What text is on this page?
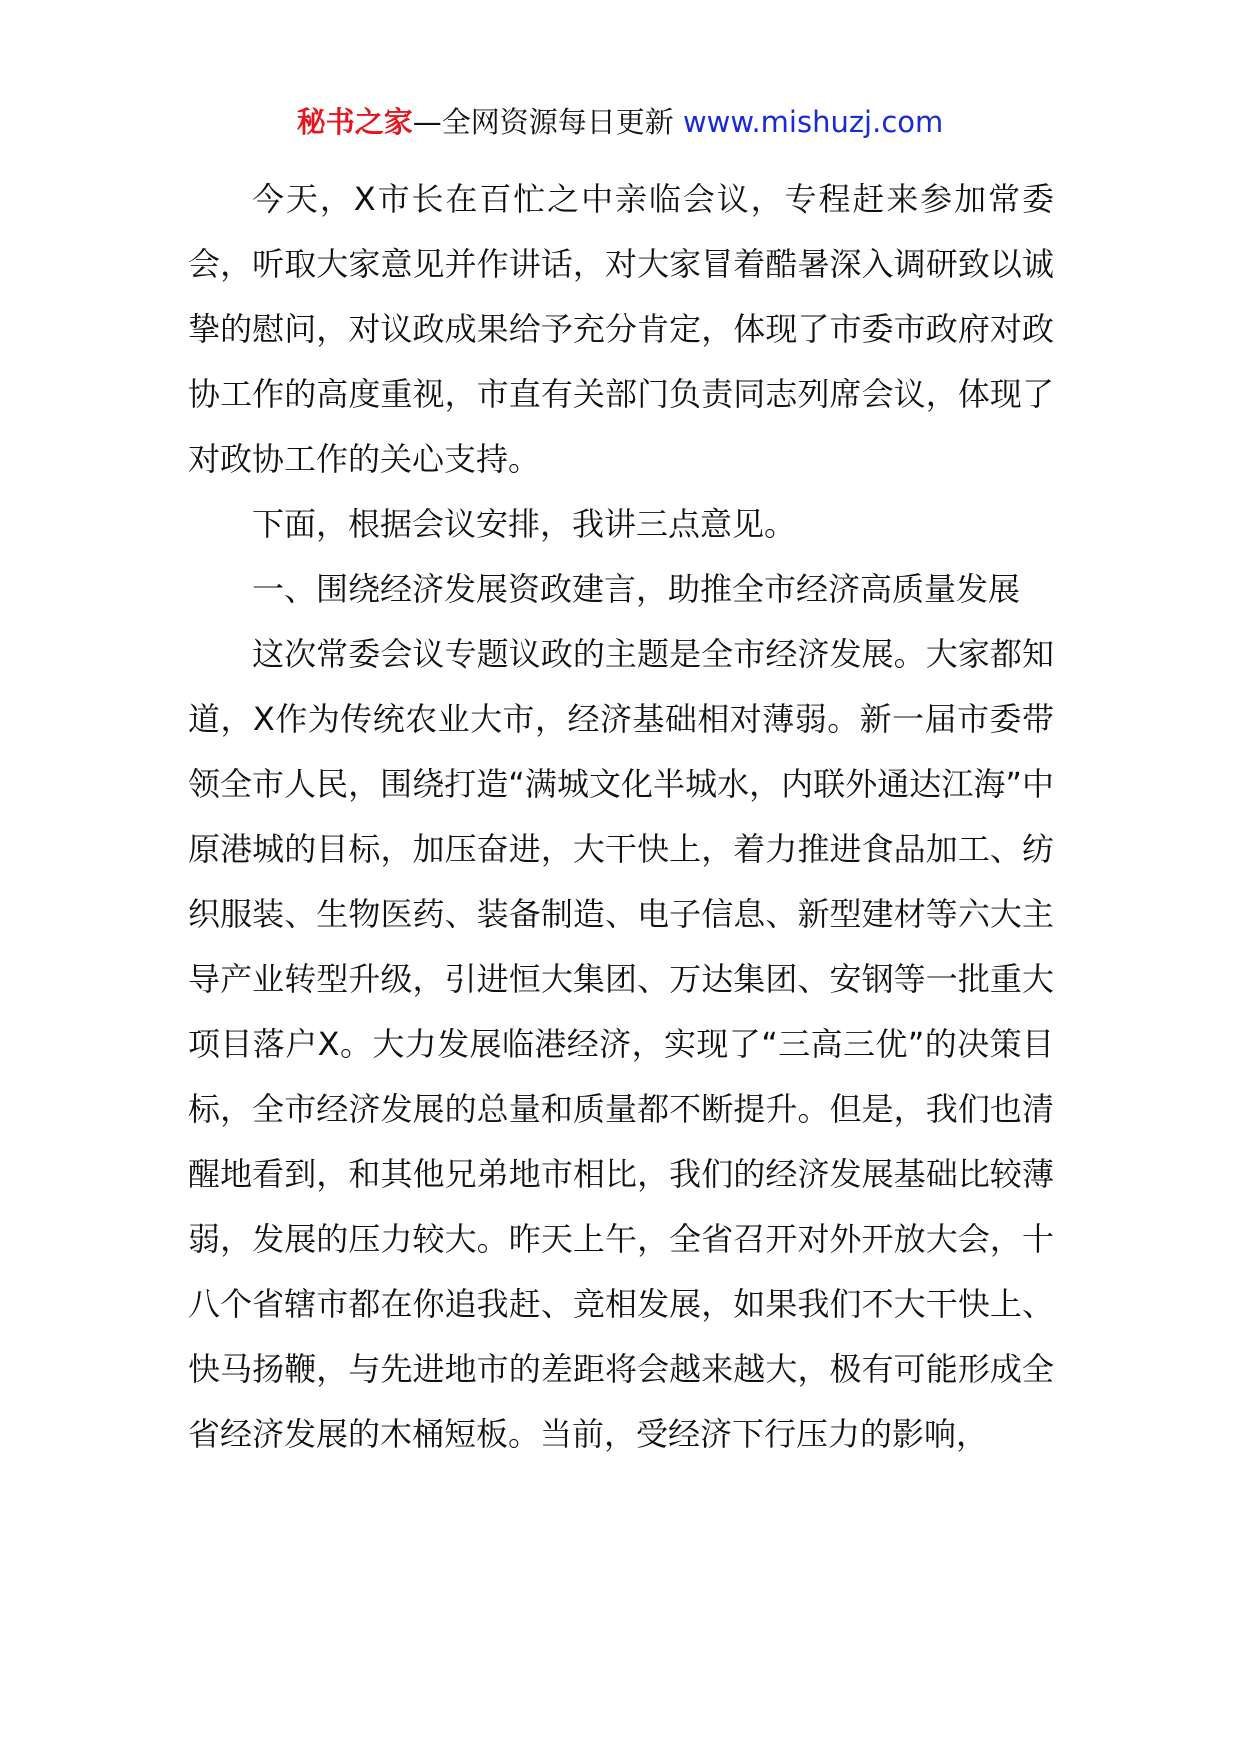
秘书之家—全网资源每日更新 www.mishuzj.com

今天，X市长在百忙之中亲临会议，专程赶来参加常委会，听取大家意见并作讲话，对大家冒着酷暑深入调研致以诚挚的慰问，对议政成果给予充分肯定，体现了市委市政府对政协工作的高度重视，市直有关部门负责同志列席会议，体现了对政协工作的关心支持。

下面，根据会议安排，我讲三点意见。

一、围绕经济发展资政建言，助推全市经济高质量发展

这次常委会议专题议政的主题是全市经济发展。大家都知道，X作为传统农业大市，经济基础相对薄弱。新一届市委带领全市人民，围绕打造“满城文化半城水，内联外通达江海”中原港城的目标，加压奋进，大干快上，着力推进食品加工、纺织服装、生物医药、装备制造、电子信息、新型建材等六大主导产业转型升级，引进恒大集团、万达集团、安钢等一批重大项目落户X。大力发展临港经济，实现了“三高三优”的决策目标，全市经济发展的总量和质量都不断提升。但是，我们也清醒地看到，和其他兄弟地市相比，我们的经济发展基础比较薄弱，发展的压力较大。昨天上午，全省召开对外开放大会，十八个省辖市都在你追我赶、竞相发展，如果我们不大干快上、快马扬鞭，与先进地市的差距将会越来越大，极有可能形成全省经济发展的木桶短板。当前，受经济下行压力的影响，
